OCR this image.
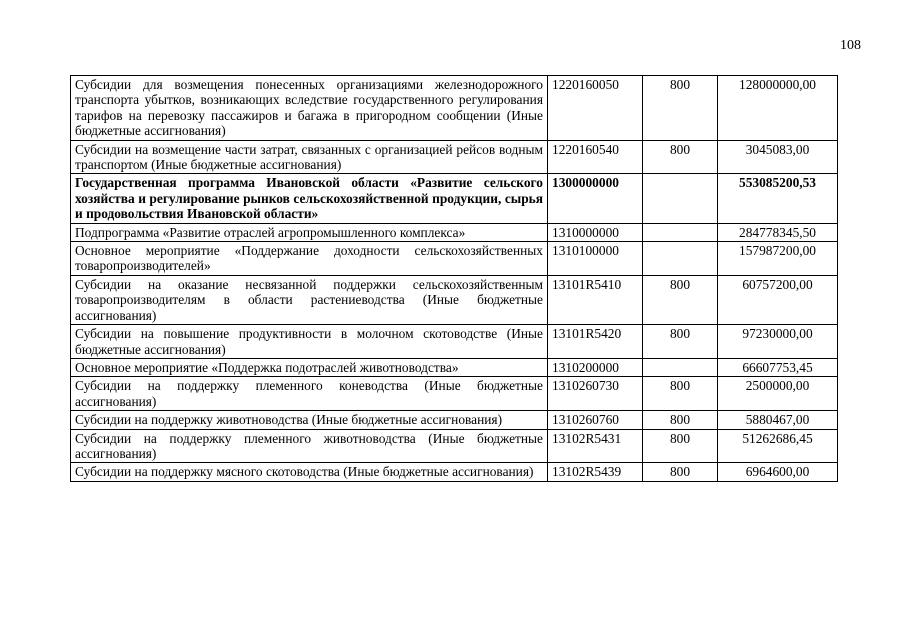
108
Субсидии для возмещения понесенных организациями железнодорожного транспорта убытков, возникающих вследствие государственного регулирования тарифов на перевозку пассажиров и багажа в пригородном сообщении (Иные бюджетные ассигнования)	1220160050	800	128000000,00
Субсидии на возмещение части затрат, связанных с организацией рейсов водным транспортом (Иные бюджетные ассигнования)	1220160540	800	3045083,00
Государственная программа Ивановской области «Развитие сельского хозяйства и регулирование рынков сельскохозяйственной продукции, сырья и продовольствия Ивановской области»	1300000000		553085200,53
Подпрограмма «Развитие отраслей агропромышленного комплекса»	1310000000		284778345,50
Основное мероприятие «Поддержание доходности сельскохозяйственных товаропроизводителей»	1310100000		157987200,00
Субсидии на оказание несвязанной поддержки сельскохозяйственным товаропроизводителям в области растениеводства (Иные бюджетные ассигнования)	13101R5410	800	60757200,00
Субсидии на повышение продуктивности в молочном скотоводстве (Иные бюджетные ассигнования)	13101R5420	800	97230000,00
Основное мероприятие «Поддержка подотраслей животноводства»	1310200000		66607753,45
Субсидии на поддержку племенного коневодства (Иные бюджетные ассигнования)	1310260730	800	2500000,00
Субсидии на поддержку животноводства (Иные бюджетные ассигнования)	1310260760	800	5880467,00
Субсидии на поддержку племенного животноводства (Иные бюджетные ассигнования)	13102R5431	800	51262686,45
Субсидии на поддержку мясного скотоводства (Иные бюджетные ассигнования)	13102R5439	800	6964600,00
